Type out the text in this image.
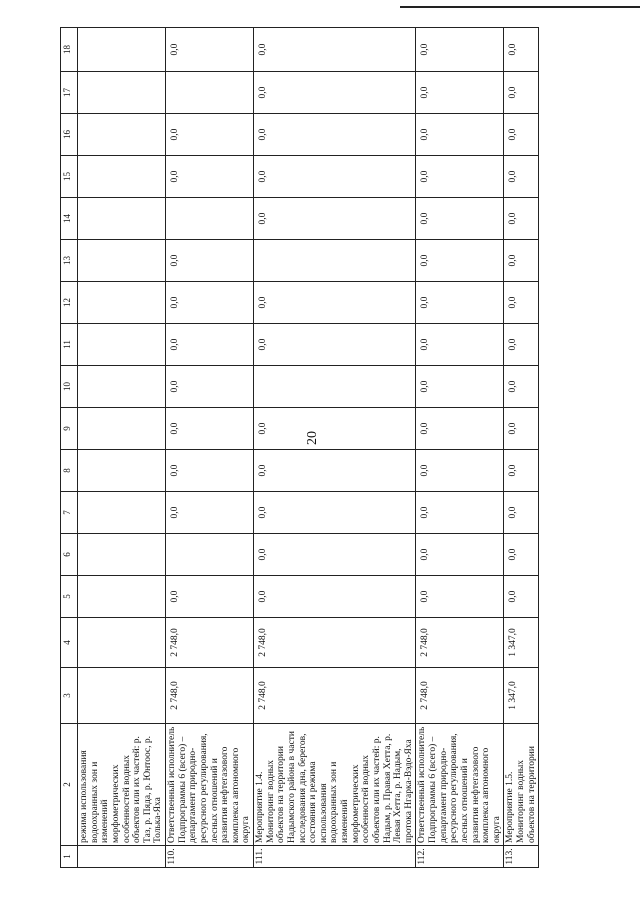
20
1	2	3	4	5	6	7	8	9	10	11	12	13	14	15	16	17	18
	режима использования водоохранных зон и изменений морфометрических особенностей водных объектов или их частей: р. Таз, р. Пяда, р. Юнтоос, р. Толька-Яха																
110.	Ответственный исполнитель Подпрограммы 6 (всего) – департамент природно-ресурсного регулирования, лесных отношений и развития нефтегазового комплекса автономного округа	2 748,0	2 748,0	0,0		0,0	0,0	0,0	0,0	0,0	0,0	0,0		0,0	0,0		0,0
111.	Мероприятие 1.4. Мониторинг водных объектов на территории Надымского района в части исследования дна, берегов, состояния и режима использования водоохранных зон и изменений морфометрических особенностей водных объектов или их частей: р. Надым, р. Правая Хетта, р. Левая Хетта, р. Надым, протока Нгарка-Вэдо-Яха	2 748,0	2 748,0	0,0	0,0	0,0	0,0	0,0		0,0	0,0		0,0	0,0	0,0	0,0	0,0
112.	Ответственный исполнитель Подпрограммы 6 (всего) – департамент природно-ресурсного регулирования, лесных отношений и развития нефтегазового комплекса автономного округа	2 748,0	2 748,0	0,0	0,0	0,0	0,0	0,0	0,0	0,0	0,0	0,0	0,0	0,0	0,0	0,0	0,0
113.	Мероприятие 1.5. Мониторинг водных объектов на территории	1 347,0	1 347,0	0,0	0,0	0,0	0,0	0,0	0,0	0,0	0,0	0,0	0,0	0,0	0,0	0,0	0,0
